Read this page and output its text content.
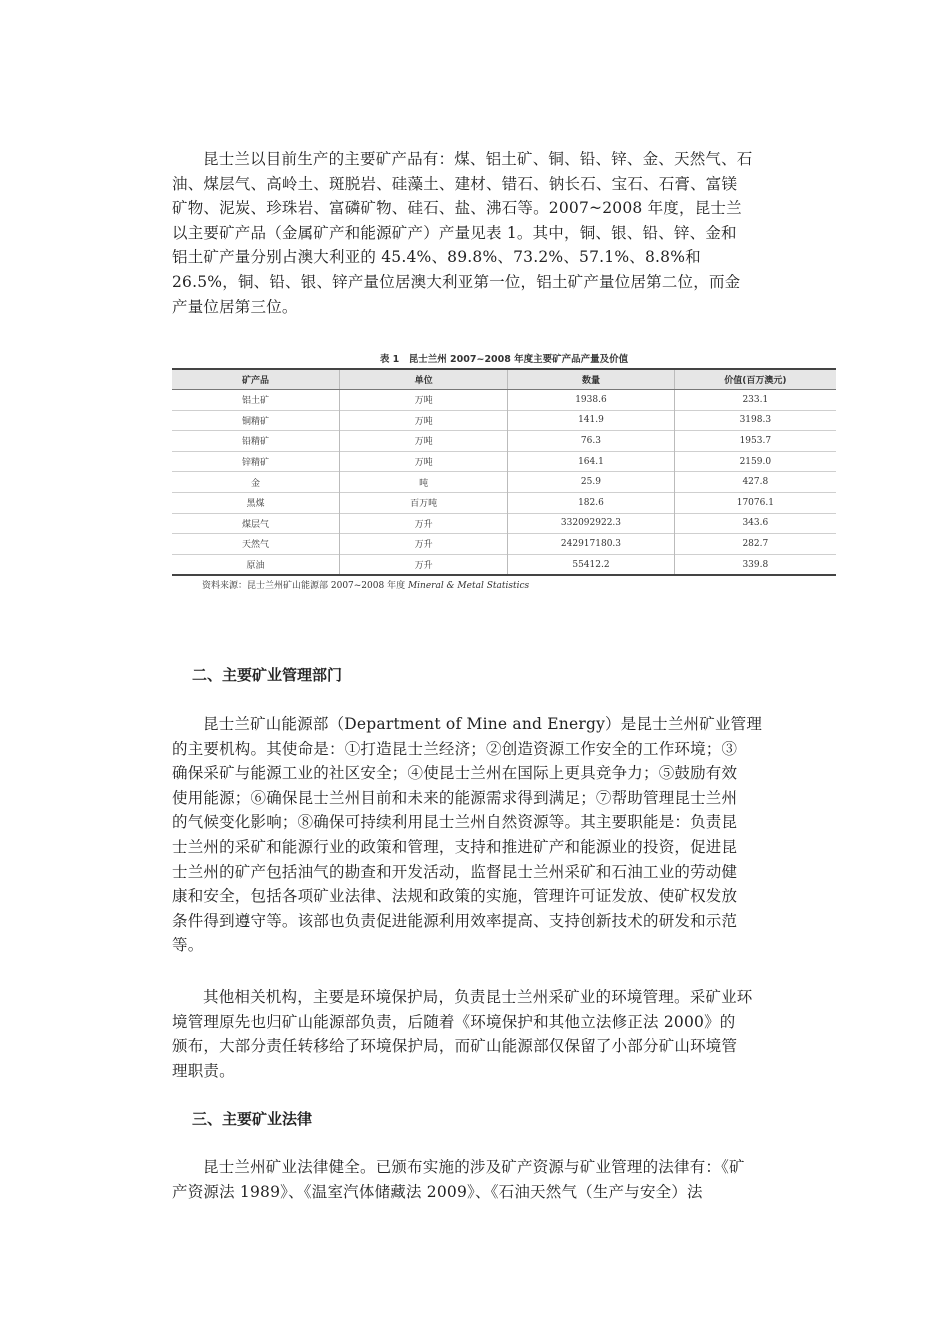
昆士兰以目前生产的主要矿产品有：煤、铝土矿、铜、铅、锌、金、天然气、石
油、煤层气、高岭土、斑脱岩、硅藻土、建材、错石、钠长石、宝石、石膏、富镁
矿物、泥炭、珍珠岩、富磷矿物、硅石、盐、沸石等。2007~2008 年度，昆士兰
以主要矿产品（金属矿产和能源矿产）产量见表 1。其中，铜、银、铅、锌、金和
铝土矿产量分别占澳大利亚的 45.4%、89.8%、73.2%、57.1%、8.8%和
26.5%，铜、铅、银、锌产量位居澳大利亚第一位，铝土矿产量位居第二位，而金
产量位居第三位。

表 1　昆士兰州 2007~2008 年度主要矿产品产量及价值
矿产品	单位	数量	价值(百万澳元)
铝土矿	万吨	1938.6	233.1
铜精矿	万吨	141.9	3198.3
铅精矿	万吨	76.3	1953.7
锌精矿	万吨	164.1	2159.0
金	吨	25.9	427.8
黑煤	百万吨	182.6	17076.1
煤层气	万升	332092922.3	343.6
天然气	万升	242917180.3	282.7
原油	万升	55412.2	339.8
资料来源：昆士兰州矿山能源部 2007~2008 年度 Mineral & Metal Statistics
二、主要矿业管理部门

昆士兰矿山能源部（Department of Mine and Energy）是昆士兰州矿业管理
的主要机构。其使命是：①打造昆士兰经济；②创造资源工作安全的工作环境；③
确保采矿与能源工业的社区安全；④使昆士兰州在国际上更具竞争力；⑤鼓励有效
使用能源；⑥确保昆士兰州目前和未来的能源需求得到满足；⑦帮助管理昆士兰州
的气候变化影响；⑧确保可持续利用昆士兰州自然资源等。其主要职能是：负责昆
士兰州的采矿和能源行业的政策和管理，支持和推进矿产和能源业的投资，促进昆
士兰州的矿产包括油气的勘查和开发活动，监督昆士兰州采矿和石油工业的劳动健
康和安全，包括各项矿业法律、法规和政策的实施，管理许可证发放、使矿权发放
条件得到遵守等。该部也负责促进能源利用效率提高、支持创新技术的研发和示范
等。

其他相关机构，主要是环境保护局，负责昆士兰州采矿业的环境管理。采矿业环
境管理原先也归矿山能源部负责，后随着《环境保护和其他立法修正法 2000》的
颁布，大部分责任转移给了环境保护局，而矿山能源部仅保留了小部分矿山环境管
理职责。

三、主要矿业法律

昆士兰州矿业法律健全。已颁布实施的涉及矿产资源与矿业管理的法律有：《矿
产资源法 1989》、《温室汽体储藏法 2009》、《石油天然气（生产与安全）法
